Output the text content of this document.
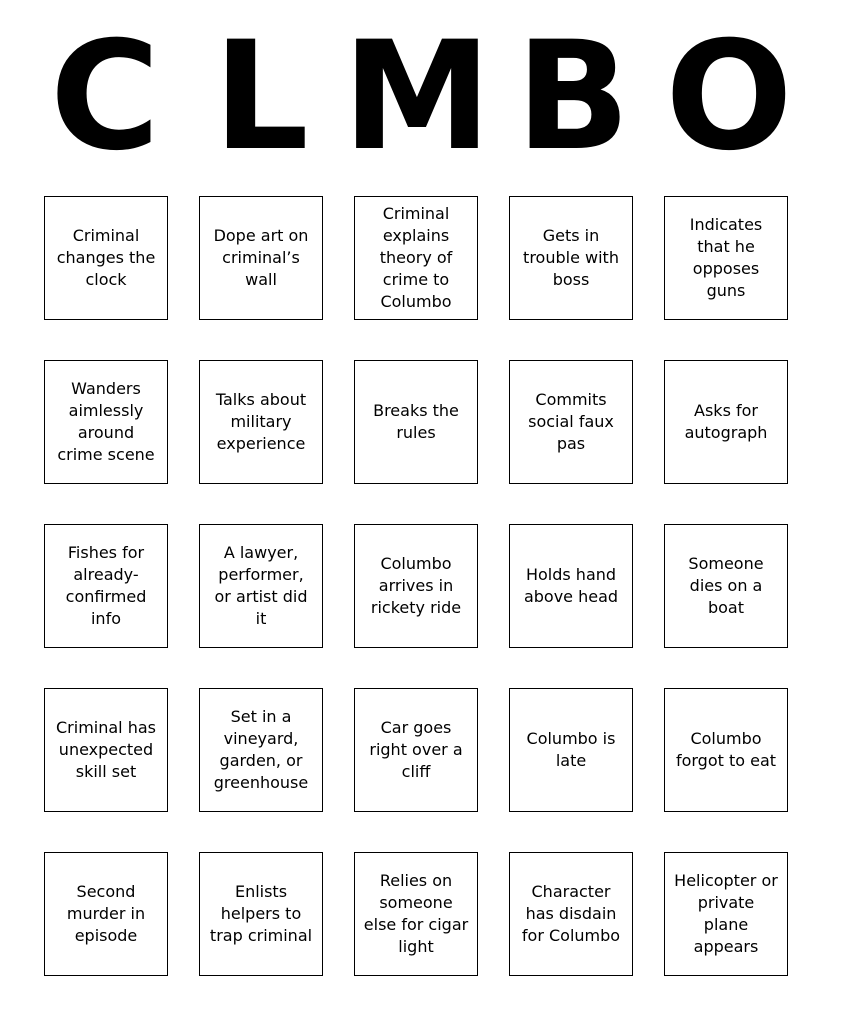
C L M B O
Criminal changes the clock
Dope art on criminal’s wall
Criminal explains theory of crime to Columbo
Gets in trouble with boss
Indicates that he opposes guns
Wanders aimlessly around crime scene
Talks about military experience
Breaks the rules
Commits social faux pas
Asks for autograph
Fishes for already-confirmed info
A lawyer, performer, or artist did it
Columbo arrives in rickety ride
Holds hand above head
Someone dies on a boat
Criminal has unexpected skill set
Set in a vineyard, garden, or greenhouse
Car goes right over a cliff
Columbo is late
Columbo forgot to eat
Second murder in episode
Enlists helpers to trap criminal
Relies on someone else for cigar light
Character has disdain for Columbo
Helicopter or private plane appears
